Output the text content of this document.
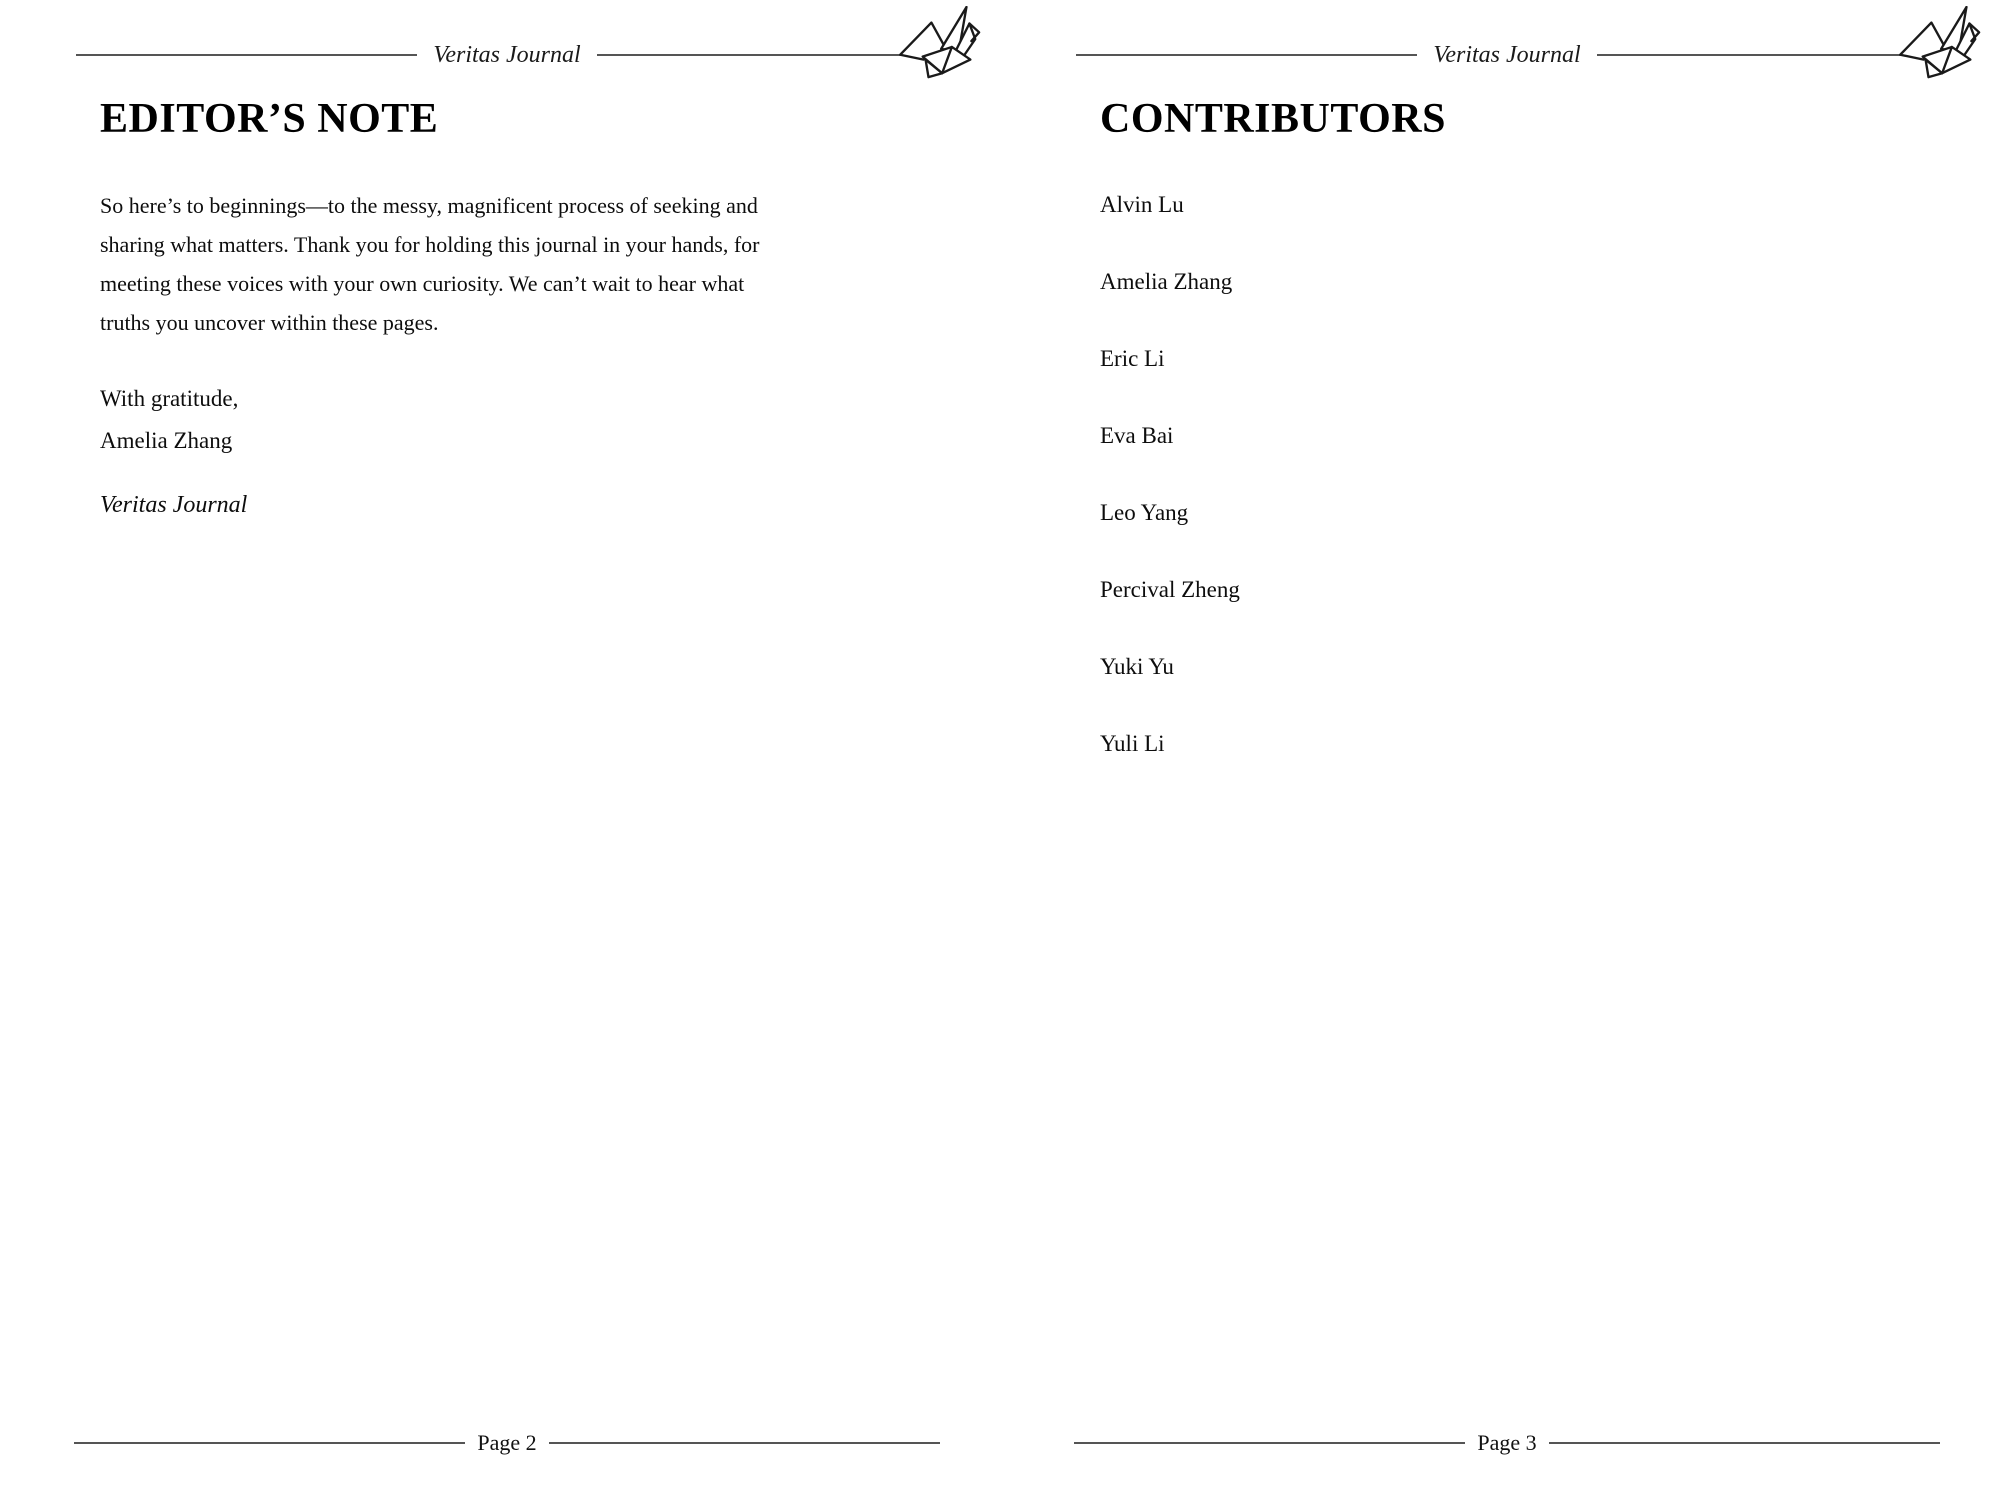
Veritas Journal
EDITOR’S NOTE

So here’s to beginnings—to the messy, magnificent process of seeking and sharing what matters. Thank you for holding this journal in your hands, for meeting these voices with your own curiosity. We can’t wait to hear what truths you uncover within these pages.

With gratitude,
Amelia Zhang
Veritas Journal
Page 2
Veritas Journal
CONTRIBUTORS
Alvin Lu
Amelia Zhang
Eric Li
Eva Bai
Leo Yang
Percival Zheng
Yuki Yu
Yuli Li
Page 3
